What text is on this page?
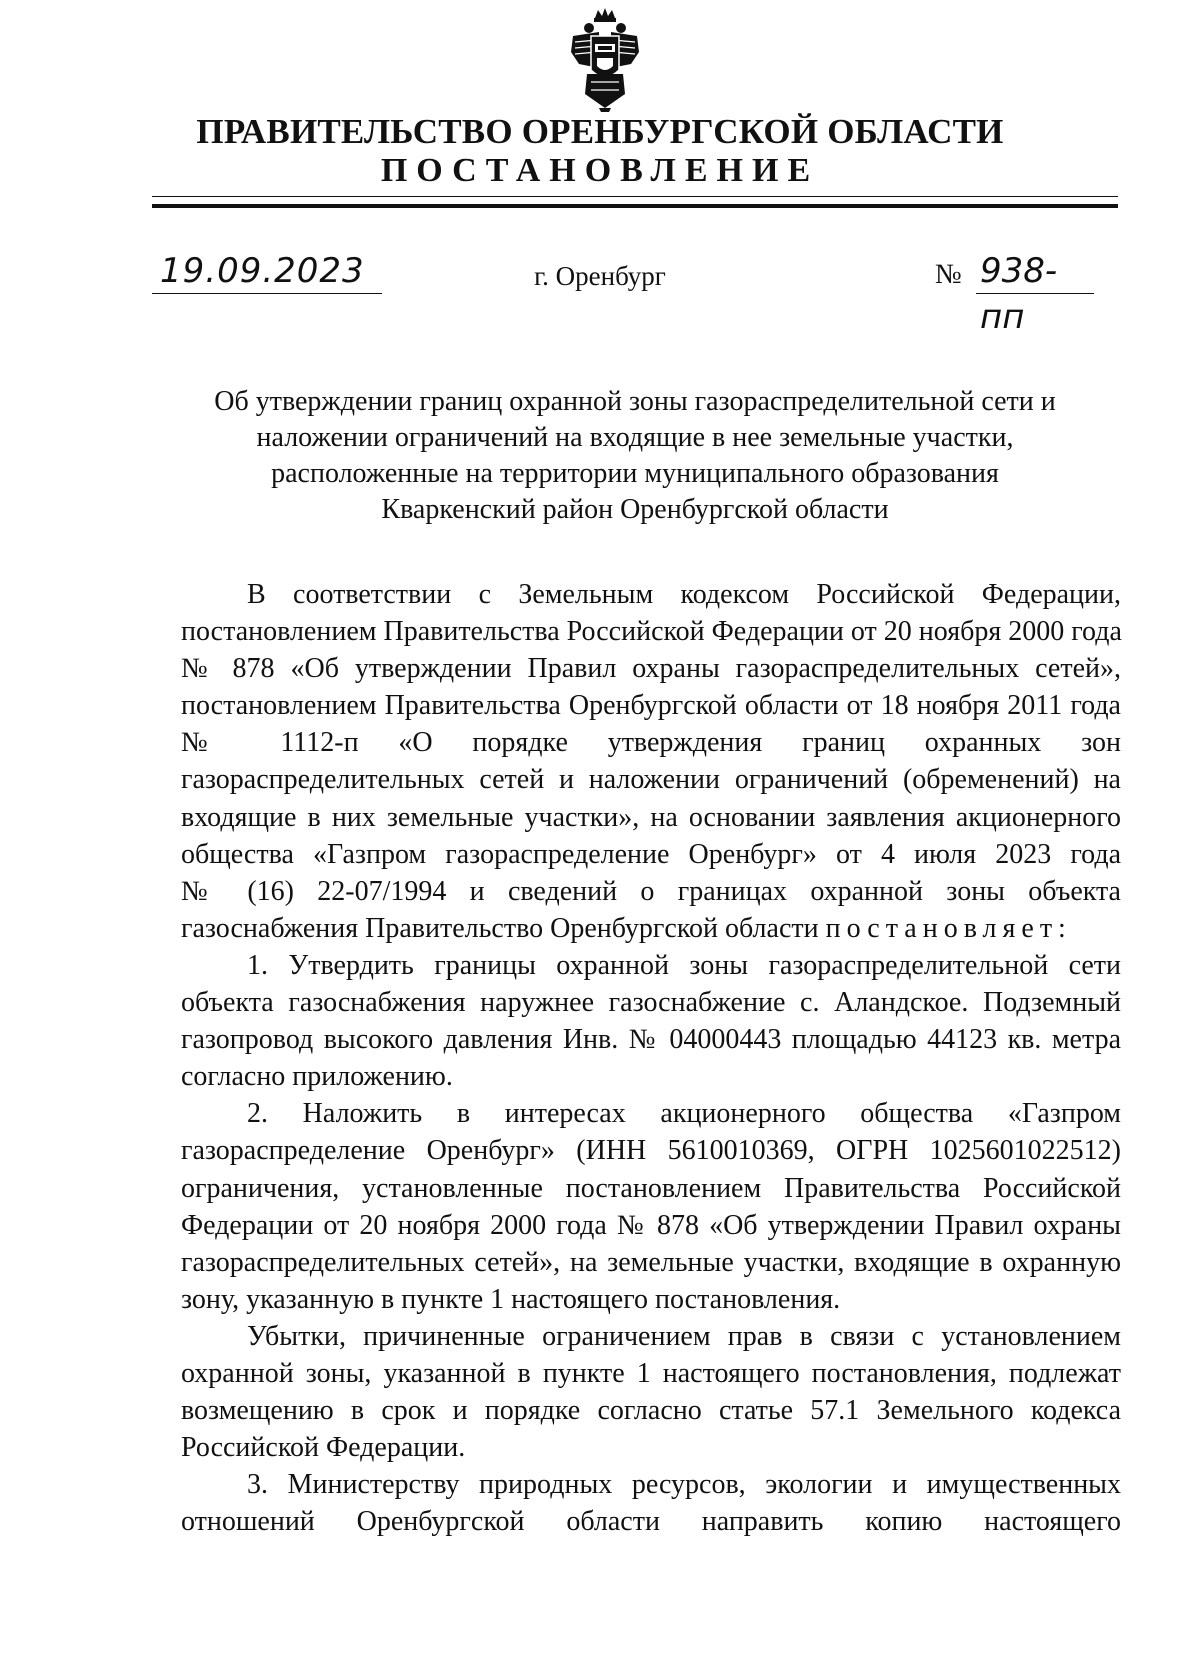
ПРАВИТЕЛЬСТВО ОРЕНБУРГСКОЙ ОБЛАСТИ
ПОСТАНОВЛЕНИЕ
19.09.2023	г. Оренбург	№ 938-пп
Об утверждении границ охранной зоны газораспределительной сети и
наложении ограничений на входящие в нее земельные участки,
расположенные на территории муниципального образования
Кваркенский район Оренбургской области
В соответствии с Земельным кодексом Российской Федерации,
постановлением Правительства Российской Федерации от 20 ноября 2000 года
№ 878 «Об утверждении Правил охраны газораспределительных сетей»,
постановлением Правительства Оренбургской области от 18 ноября 2011 года
№ 1112-п «О порядке утверждения границ охранных зон
газораспределительных сетей и наложении ограничений (обременений) на
входящие в них земельные участки», на основании заявления акционерного
общества «Газпром газораспределение Оренбург» от 4 июля 2023 года
№ (16) 22-07/1994 и сведений о границах охранной зоны объекта
газоснабжения Правительство Оренбургской области постановляет:
1. Утвердить границы охранной зоны газораспределительной сети
объекта газоснабжения наружнее газоснабжение с. Аландское. Подземный
газопровод высокого давления Инв. № 04000443 площадью 44123 кв. метра
согласно приложению.
2. Наложить в интересах акционерного общества «Газпром
газораспределение Оренбург» (ИНН 5610010369, ОГРН 1025601022512)
ограничения, установленные постановлением Правительства Российской
Федерации от 20 ноября 2000 года № 878 «Об утверждении Правил охраны
газораспределительных сетей», на земельные участки, входящие в охранную
зону, указанную в пункте 1 настоящего постановления.
Убытки, причиненные ограничением прав в связи с установлением
охранной зоны, указанной в пункте 1 настоящего постановления, подлежат
возмещению в срок и порядке согласно статье 57.1 Земельного кодекса
Российской Федерации.
3. Министерству природных ресурсов, экологии и имущественных
отношений Оренбургской области направить копию настоящего
